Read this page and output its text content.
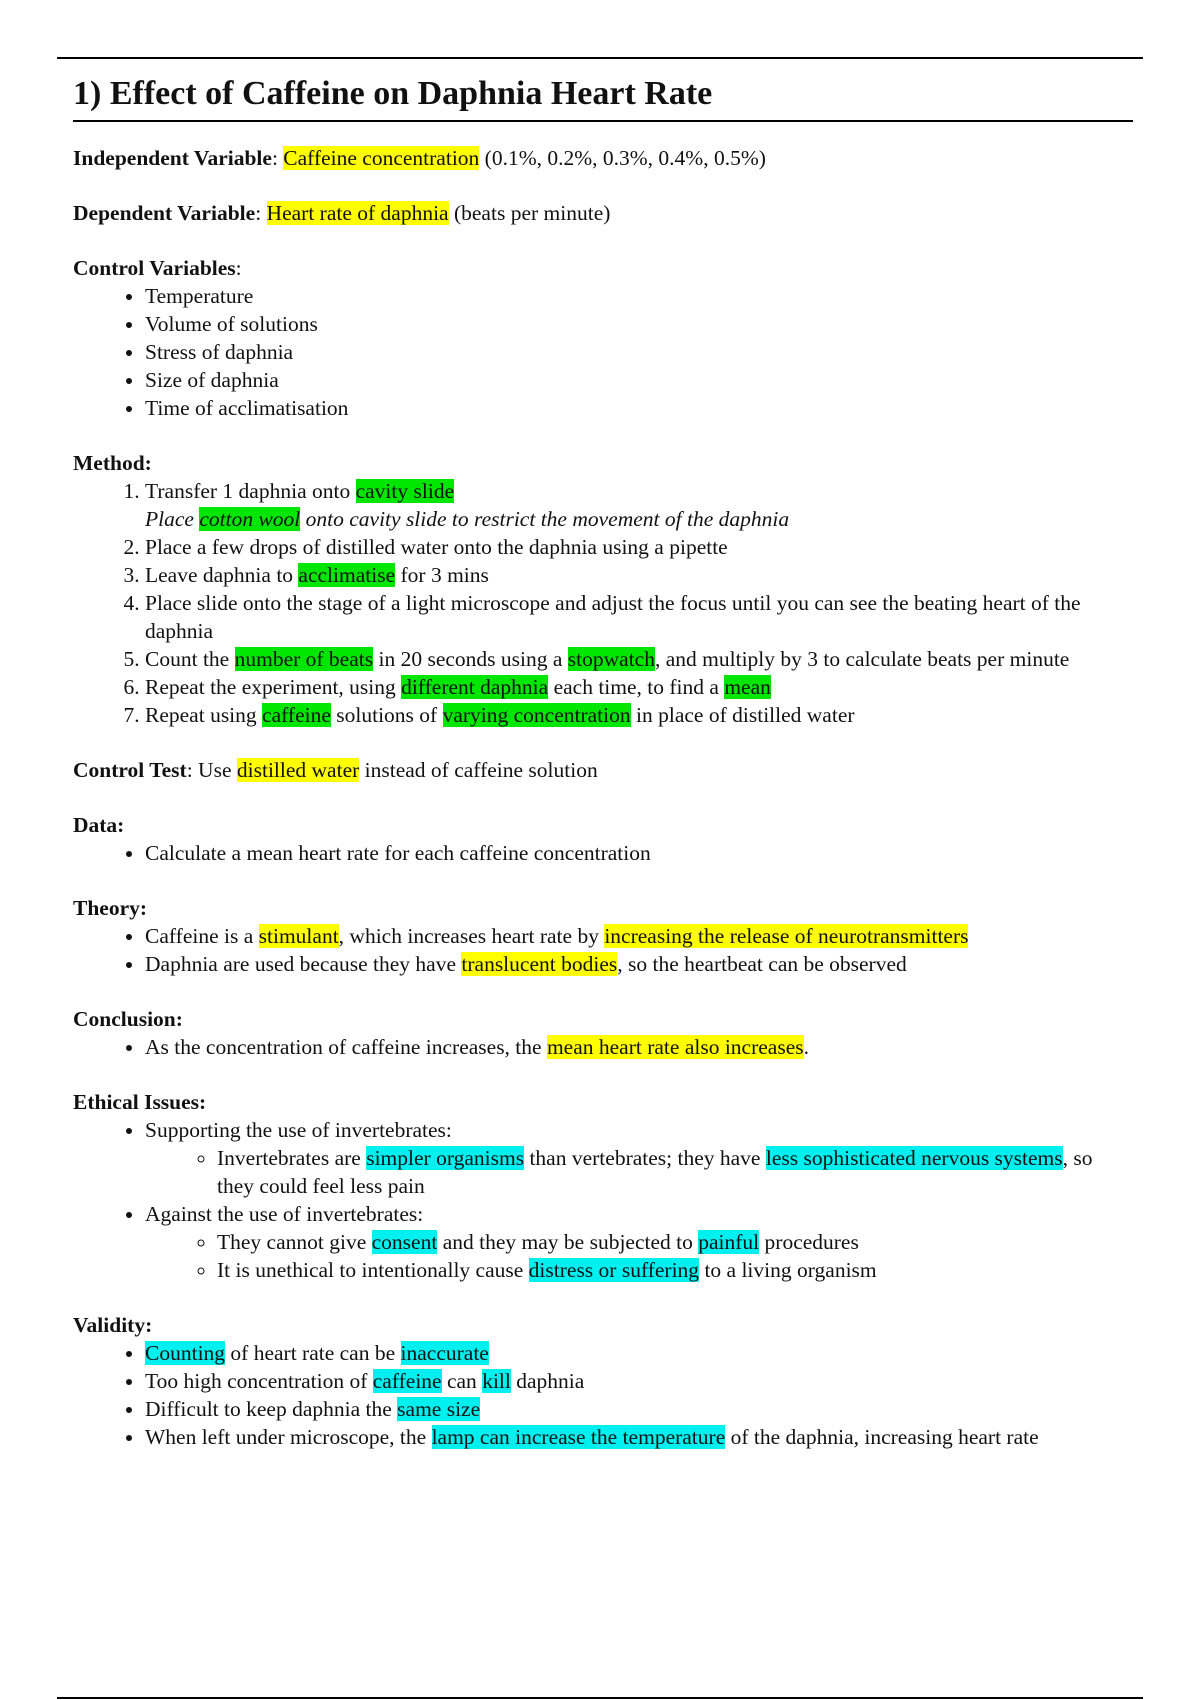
1) Effect of Caffeine on Daphnia Heart Rate

Independent Variable: Caffeine concentration (0.1%, 0.2%, 0.3%, 0.4%, 0.5%)

Dependent Variable: Heart rate of daphnia (beats per minute)

Control Variables:

• Temperature
• Volume of solutions
• Stress of daphnia
• Size of daphnia
• Time of acclimatisation

Method:

1. Transfer 1 daphnia onto cavity slide
Place cotton wool onto cavity slide to restrict the movement of the daphnia
2. Place a few drops of distilled water onto the daphnia using a pipette
3. Leave daphnia to acclimatise for 3 mins
4. Place slide onto the stage of a light microscope and adjust the focus until you can see the beating heart of the daphnia
5. Count the number of beats in 20 seconds using a stopwatch, and multiply by 3 to calculate beats per minute
6. Repeat the experiment, using different daphnia each time, to find a mean
7. Repeat using caffeine solutions of varying concentration in place of distilled water

Control Test: Use distilled water instead of caffeine solution

Data:

• Calculate a mean heart rate for each caffeine concentration

Theory:

• Caffeine is a stimulant, which increases heart rate by increasing the release of neurotransmitters
• Daphnia are used because they have translucent bodies, so the heartbeat can be observed

Conclusion:

• As the concentration of caffeine increases, the mean heart rate also increases.

Ethical Issues:

• Supporting the use of invertebrates:
◦ Invertebrates are simpler organisms than vertebrates; they have less sophisticated nervous systems, so they could feel less pain
• Against the use of invertebrates:
◦ They cannot give consent and they may be subjected to painful procedures
◦ It is unethical to intentionally cause distress or suffering to a living organism

Validity:

• Counting of heart rate can be inaccurate
• Too high concentration of caffeine can kill daphnia
• Difficult to keep daphnia the same size
• When left under microscope, the lamp can increase the temperature of the daphnia, increasing heart rate
